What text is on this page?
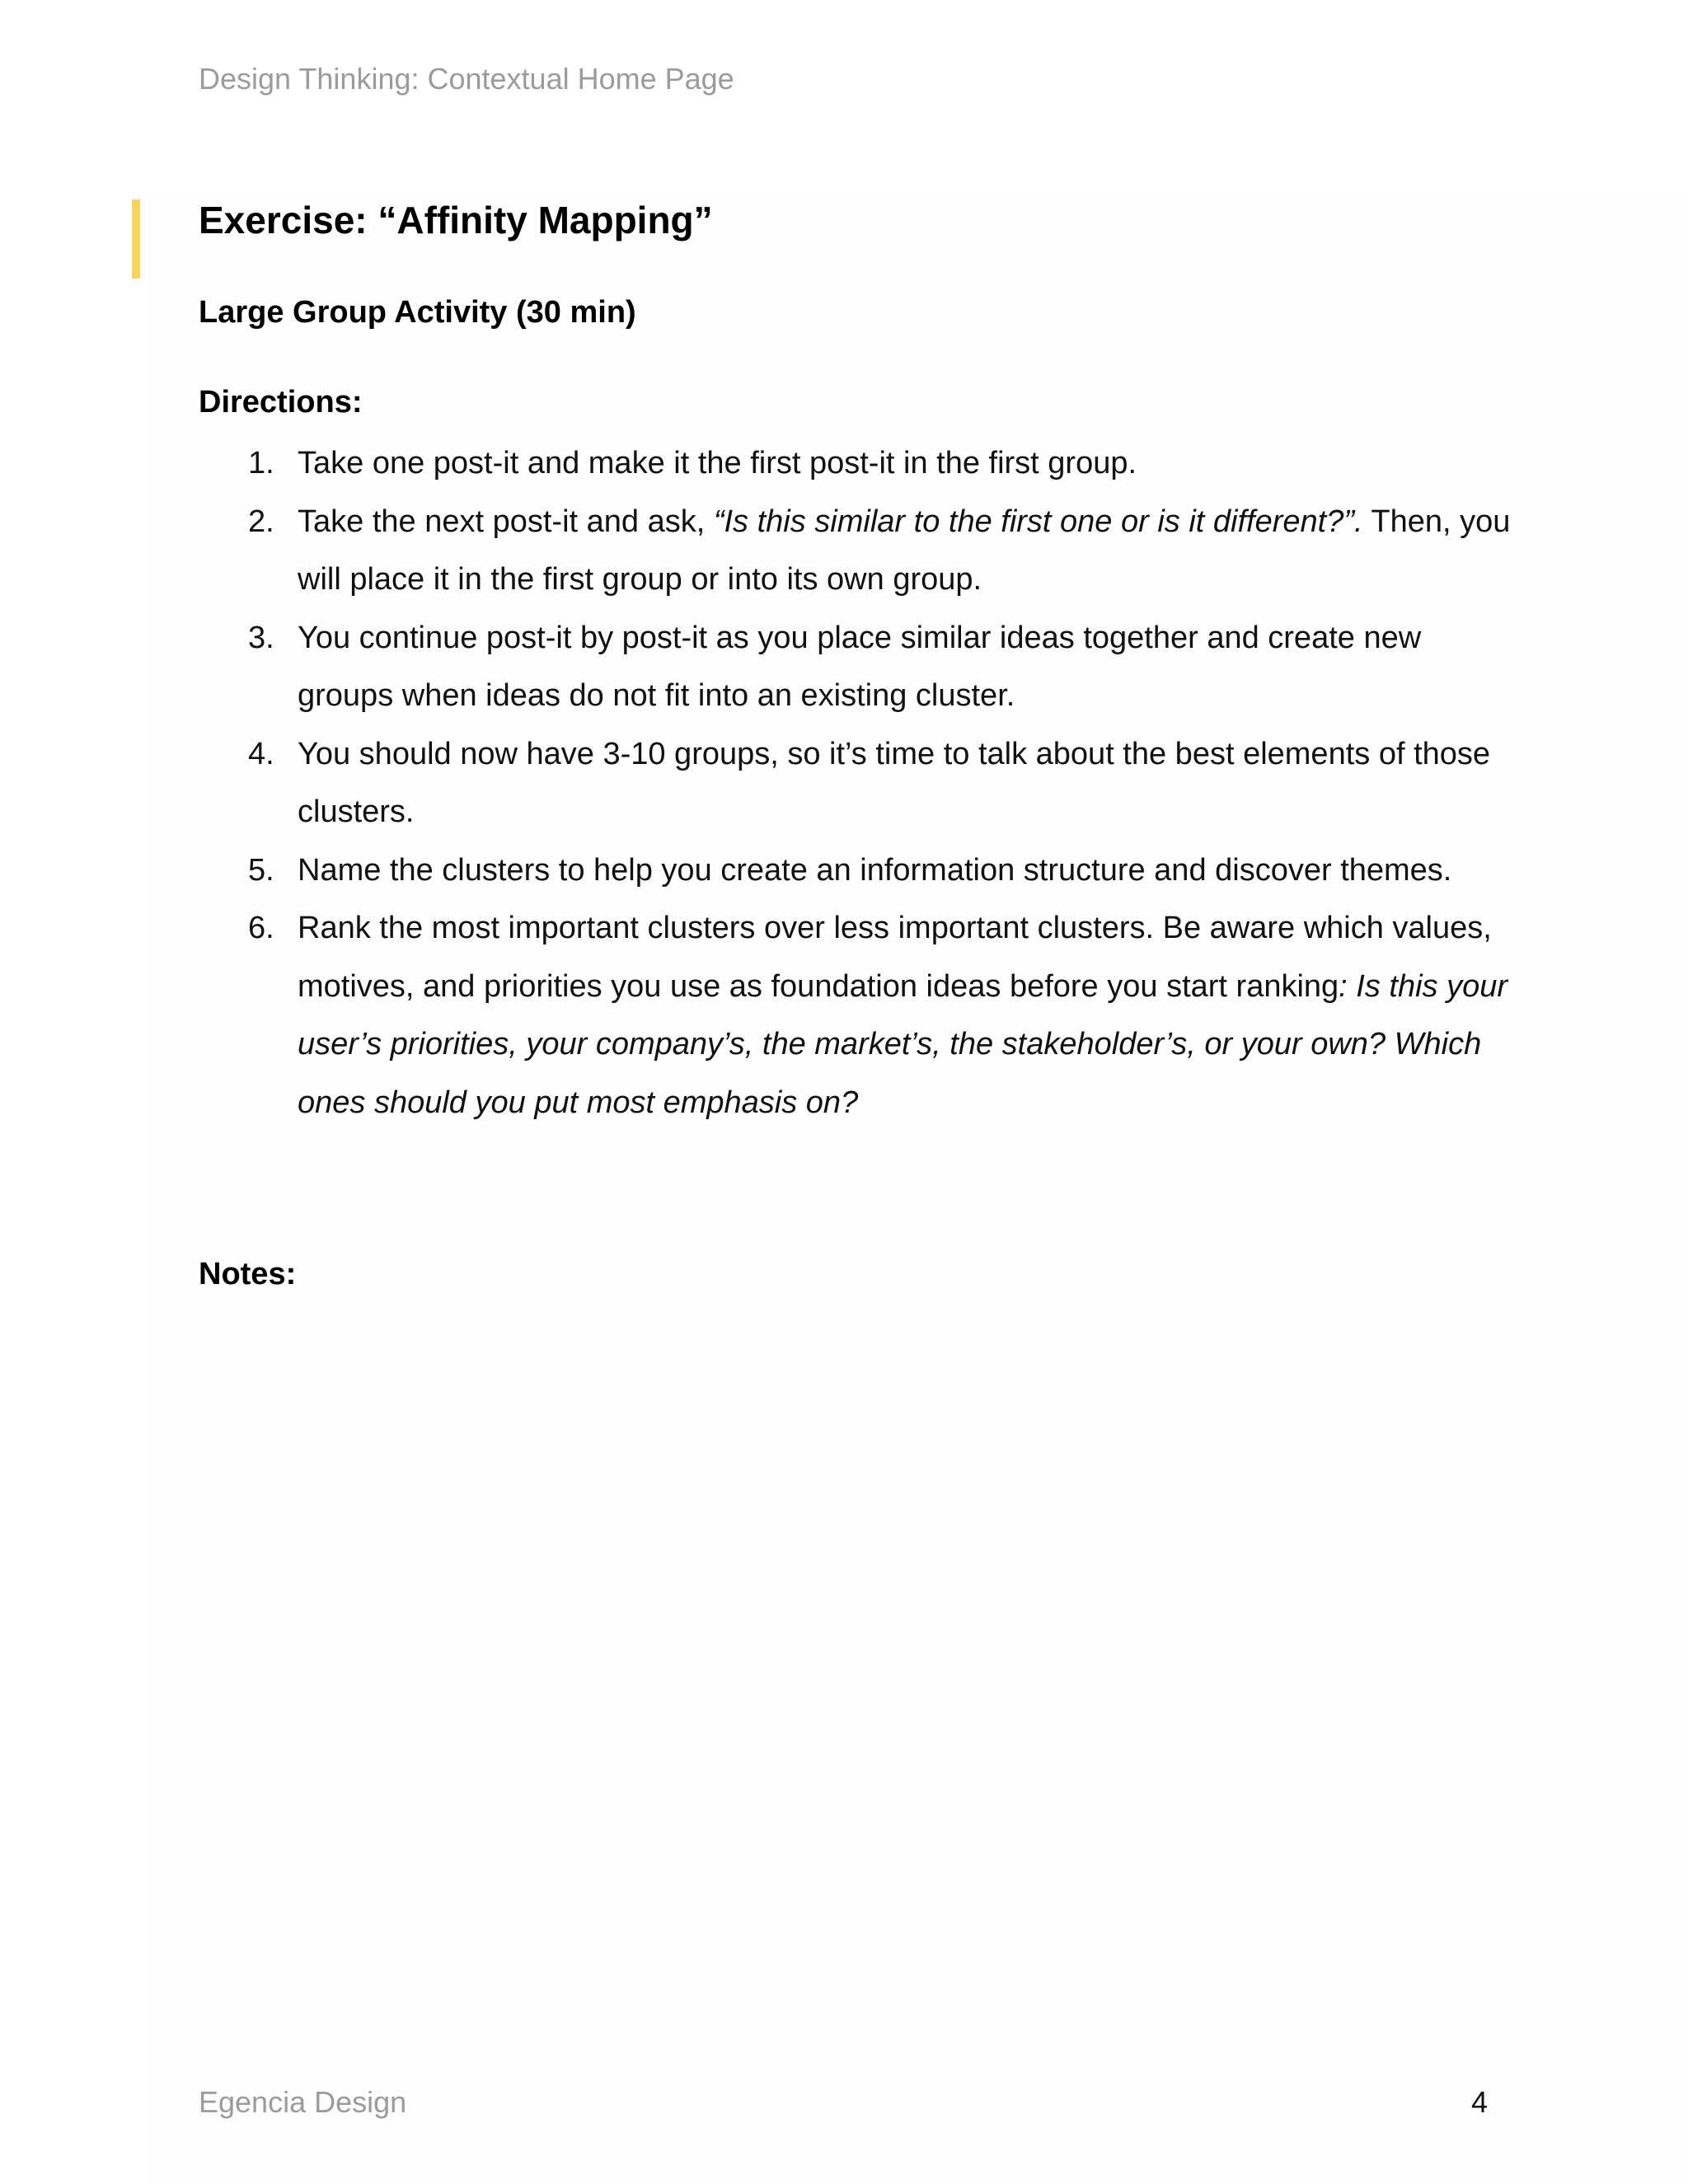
Design Thinking: Contextual Home Page
Exercise: “Affinity Mapping”
Large Group Activity (30 min)
Directions:
1. Take one post-it and make it the first post-it in the first group.
2. Take the next post-it and ask, “Is this similar to the first one or is it different?”. Then, you will place it in the first group or into its own group.
3. You continue post-it by post-it as you place similar ideas together and create new groups when ideas do not fit into an existing cluster.
4. You should now have 3-10 groups, so it’s time to talk about the best elements of those clusters.
5. Name the clusters to help you create an information structure and discover themes.
6. Rank the most important clusters over less important clusters. Be aware which values, motives, and priorities you use as foundation ideas before you start ranking: Is this your user’s priorities, your company’s, the market’s, the stakeholder’s, or your own? Which ones should you put most emphasis on?
Notes:
Egencia Design	4
